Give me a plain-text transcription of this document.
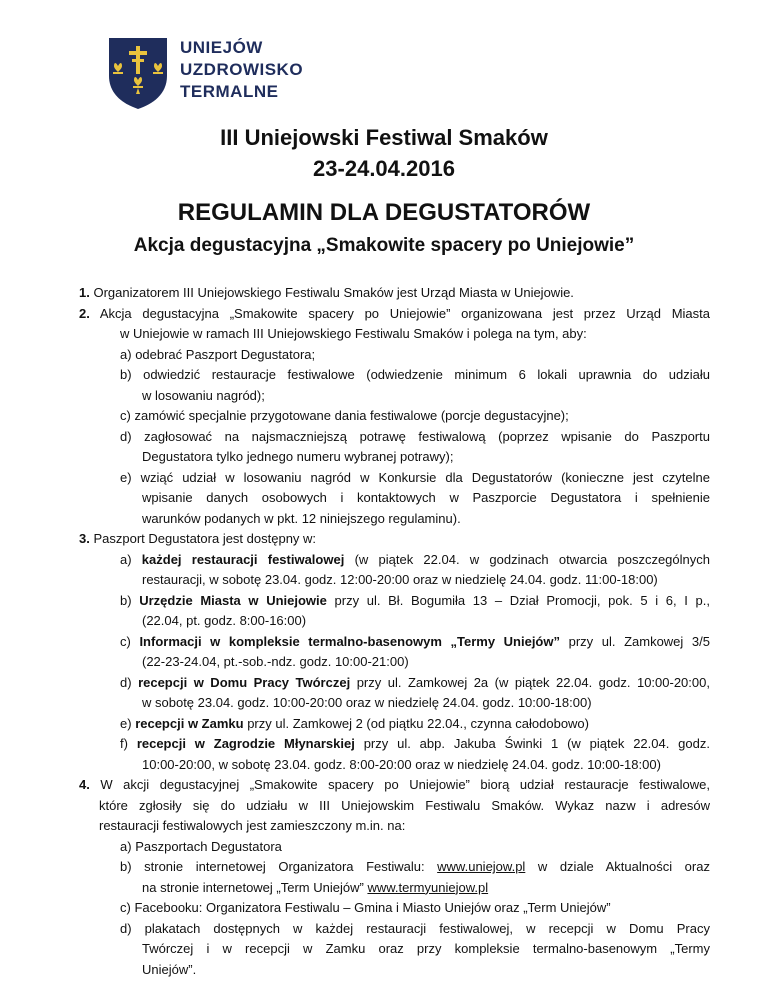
UNIEJÓW
UZDROWISKO
TERMALNE
III Uniejowski Festiwal Smaków
23-24.04.2016
REGULAMIN DLA DEGUSTATORÓW
Akcja degustacyjna „Smakowite spacery po Uniejowie”
1. Organizatorem III Uniejowskiego Festiwalu Smaków jest Urząd Miasta w Uniejowie.
2. Akcja degustacyjna „Smakowite spacery po Uniejowie” organizowana jest przez Urząd Miasta
w Uniejowie w ramach III Uniejowskiego Festiwalu Smaków i polega na tym, aby:
a) odebrać Paszport Degustatora;
b) odwiedzić restauracje festiwalowe (odwiedzenie minimum 6 lokali uprawnia do udziału
w losowaniu nagród);
c) zamówić specjalnie przygotowane dania festiwalowe (porcje degustacyjne);
d) zagłosować na najsmaczniejszą potrawę festiwalową (poprzez wpisanie do Paszportu
Degustatora tylko jednego numeru wybranej potrawy);
e) wziąć udział w losowaniu nagród w Konkursie dla Degustatorów (konieczne jest czytelne
wpisanie danych osobowych i kontaktowych w Paszporcie Degustatora i spełnienie
warunków podanych w pkt. 12 niniejszego regulaminu).
3. Paszport Degustatora jest dostępny w:
a) każdej restauracji festiwalowej (w piątek 22.04. w godzinach otwarcia poszczególnych
restauracji, w sobotę 23.04. godz. 12:00-20:00 oraz w niedzielę 24.04. godz. 11:00-18:00)
b) Urzędzie Miasta w Uniejowie przy ul. Bł. Bogumiła 13 – Dział Promocji, pok. 5 i 6, I p.,
(22.04, pt. godz. 8:00-16:00)
c) Informacji w kompleksie termalno-basenowym „Termy Uniejów” przy ul. Zamkowej 3/5
(22-23-24.04, pt.-sob.-ndz. godz. 10:00-21:00)
d) recepcji w Domu Pracy Twórczej przy ul. Zamkowej 2a (w piątek 22.04. godz. 10:00-20:00,
w sobotę 23.04. godz. 10:00-20:00 oraz w niedzielę 24.04. godz. 10:00-18:00)
e) recepcji w Zamku przy ul. Zamkowej 2 (od piątku 22.04., czynna całodobowo)
f) recepcji w Zagrodzie Młynarskiej przy ul. abp. Jakuba Świnki 1 (w piątek 22.04. godz.
10:00-20:00, w sobotę 23.04. godz. 8:00-20:00 oraz w niedzielę 24.04. godz. 10:00-18:00)
4. W akcji degustacyjnej „Smakowite spacery po Uniejowie” biorą udział restauracje festiwalowe,
które zgłosiły się do udziału w III Uniejowskim Festiwalu Smaków. Wykaz nazw i adresów
restauracji festiwalowych jest zamieszczony m.in. na:
a) Paszportach Degustatora
b) stronie internetowej Organizatora Festiwalu: www.uniejow.pl w dziale Aktualności oraz
na stronie internetowej „Term Uniejów” www.termyuniejow.pl
c) Facebooku: Organizatora Festiwalu – Gmina i Miasto Uniejów oraz „Term Uniejów”
d) plakatach dostępnych w każdej restauracji festiwalowej, w recepcji w Domu Pracy
Twórczej i w recepcji w Zamku oraz przy kompleksie termalno-basenowym „Termy
Uniejów”.
